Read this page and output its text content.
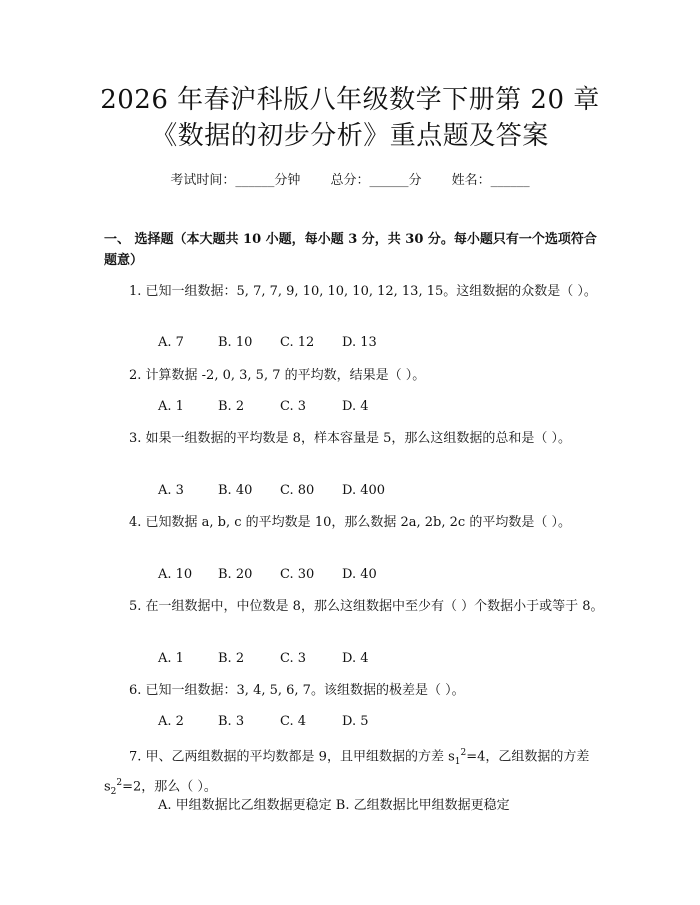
2026 年春沪科版八年级数学下册第 20 章
《数据的初步分析》重点题及答案
考试时间：______分钟 总分：______分 姓名：______
一、 选择题（本大题共 10 小题，每小题 3 分，共 30 分。每小题只有一个选项符合题意）
1. 已知一组数据：5, 7, 7, 9, 10, 10, 10, 12, 13, 15。这组数据的众数是（ ）。
A. 7	B. 10 C. 12 D. 13
2. 计算数据 -2, 0, 3, 5, 7 的平均数，结果是（ ）。
A. 1	B. 2	C. 3	D. 4
3. 如果一组数据的平均数是 8，样本容量是 5，那么这组数据的总和是（ ）。
A. 3	B. 40 C. 80 D. 400
4. 已知数据 a, b, c 的平均数是 10，那么数据 2a, 2b, 2c 的平均数是（ ）。
A. 10 B. 20 C. 30 D. 40
5. 在一组数据中，中位数是 8，那么这组数据中至少有（ ）个数据小于或等于 8。
A. 1	B. 2	C. 3	D. 4
6. 已知一组数据：3, 4, 5, 6, 7。该组数据的极差是（ ）。
A. 2	B. 3	C. 4	D. 5
7. 甲、乙两组数据的平均数都是 9，且甲组数据的方差 $s_1^2=4$，乙组数据的方差 $s_2^2=2$，那么（ ）。
A. 甲组数据比乙组数据更稳定 B. 乙组数据比甲组数据更稳定
